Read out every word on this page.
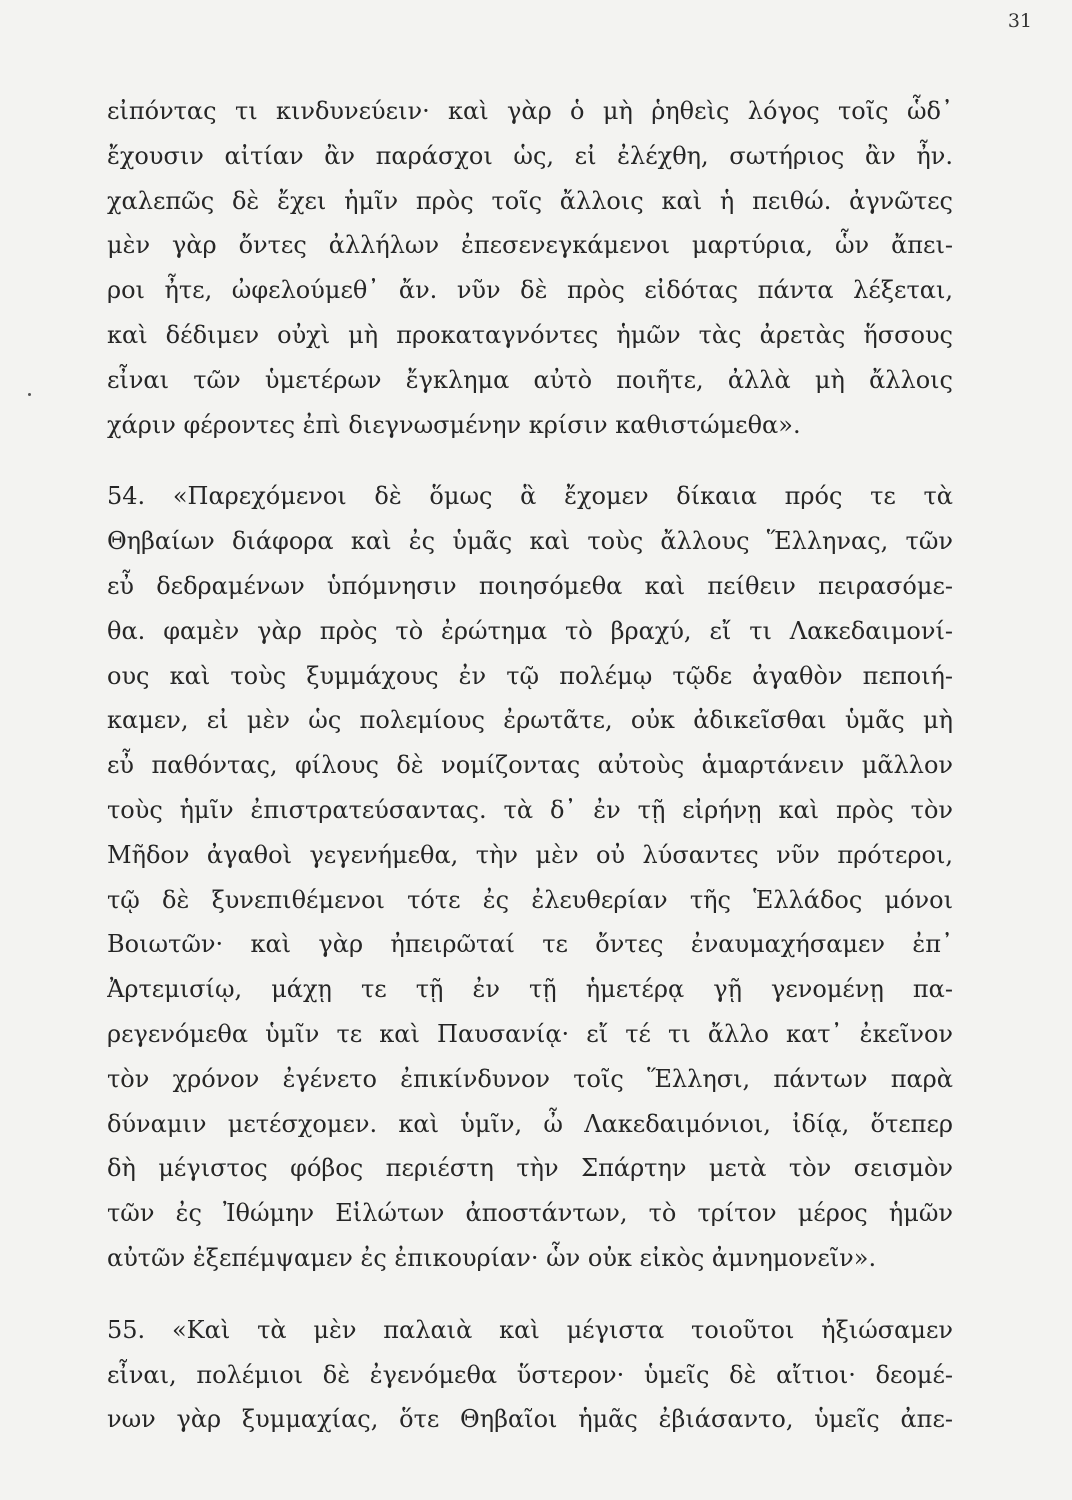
31
εἰπόντας τι κινδυνεύειν· καὶ γὰρ ὁ μὴ ῥηθεὶς λόγος τοῖς ὧδ᾽
ἔχουσιν αἰτίαν ἂν παράσχοι ὡς, εἰ ἐλέχθη, σωτήριος ἂν ἦν.
χαλεπῶς δὲ ἔχει ἡμῖν πρὸς τοῖς ἄλλοις καὶ ἡ πειθώ. ἀγνῶτες
μὲν γὰρ ὄντες ἀλλήλων ἐπεσενεγκάμενοι μαρτύρια, ὧν ἄπει-
ροι ἦτε, ὠφελούμεθ᾽ ἄν. νῦν δὲ πρὸς εἰδότας πάντα λέξεται,
καὶ δέδιμεν οὐχὶ μὴ προκαταγνόντες ἡμῶν τὰς ἀρετὰς ἥσσους
εἶναι τῶν ὑμετέρων ἔγκλημα αὐτὸ ποιῆτε, ἀλλὰ μὴ ἄλλοις
χάριν φέροντες ἐπὶ διεγνωσμένην κρίσιν καθιστώμεθα».
54. «Παρεχόμενοι δὲ ὅμως ἃ ἔχομεν δίκαια πρός τε τὰ
Θηβαίων διάφορα καὶ ἐς ὑμᾶς καὶ τοὺς ἄλλους Ἕλληνας, τῶν
εὖ δεδραμένων ὑπόμνησιν ποιησόμεθα καὶ πείθειν πειρασόμε-
θα. φαμὲν γὰρ πρὸς τὸ ἐρώτημα τὸ βραχύ, εἴ τι Λακεδαιμονί-
ους καὶ τοὺς ξυμμάχους ἐν τῷ πολέμῳ τῷδε ἀγαθὸν πεποιή-
καμεν, εἰ μὲν ὡς πολεμίους ἐρωτᾶτε, οὐκ ἀδικεῖσθαι ὑμᾶς μὴ
εὖ παθόντας, φίλους δὲ νομίζοντας αὐτοὺς ἁμαρτάνειν μᾶλλον
τοὺς ἡμῖν ἐπιστρατεύσαντας. τὰ δ᾽ ἐν τῇ εἰρήνῃ καὶ πρὸς τὸν
Μῆδον ἀγαθοὶ γεγενήμεθα, τὴν μὲν οὐ λύσαντες νῦν πρότεροι,
τῷ δὲ ξυνεπιθέμενοι τότε ἐς ἐλευθερίαν τῆς Ἑλλάδος μόνοι
Βοιωτῶν· καὶ γὰρ ἠπειρῶταί τε ὄντες ἐναυμαχήσαμεν ἐπ᾽
Ἀρτεμισίῳ, μάχῃ τε τῇ ἐν τῇ ἡμετέρᾳ γῇ γενομένῃ πα-
ρεγενόμεθα ὑμῖν τε καὶ Παυσανίᾳ· εἴ τέ τι ἄλλο κατ᾽ ἐκεῖνον
τὸν χρόνον ἐγένετο ἐπικίνδυνον τοῖς Ἕλλησι, πάντων παρὰ
δύναμιν μετέσχομεν. καὶ ὑμῖν, ὦ Λακεδαιμόνιοι, ἰδίᾳ, ὅτεπερ
δὴ μέγιστος φόβος περιέστη τὴν Σπάρτην μετὰ τὸν σεισμὸν
τῶν ἐς Ἰθώμην Εἱλώτων ἀποστάντων, τὸ τρίτον μέρος ἡμῶν
αὐτῶν ἐξεπέμψαμεν ἐς ἐπικουρίαν· ὧν οὐκ εἰκὸς ἀμνημονεῖν».
55. «Καὶ τὰ μὲν παλαιὰ καὶ μέγιστα τοιοῦτοι ἠξιώσαμεν
εἶναι, πολέμιοι δὲ ἐγενόμεθα ὕστερον· ὑμεῖς δὲ αἴτιοι· δεομέ-
νων γὰρ ξυμμαχίας, ὅτε Θηβαῖοι ἡμᾶς ἐβιάσαντο, ὑμεῖς ἀπε-
